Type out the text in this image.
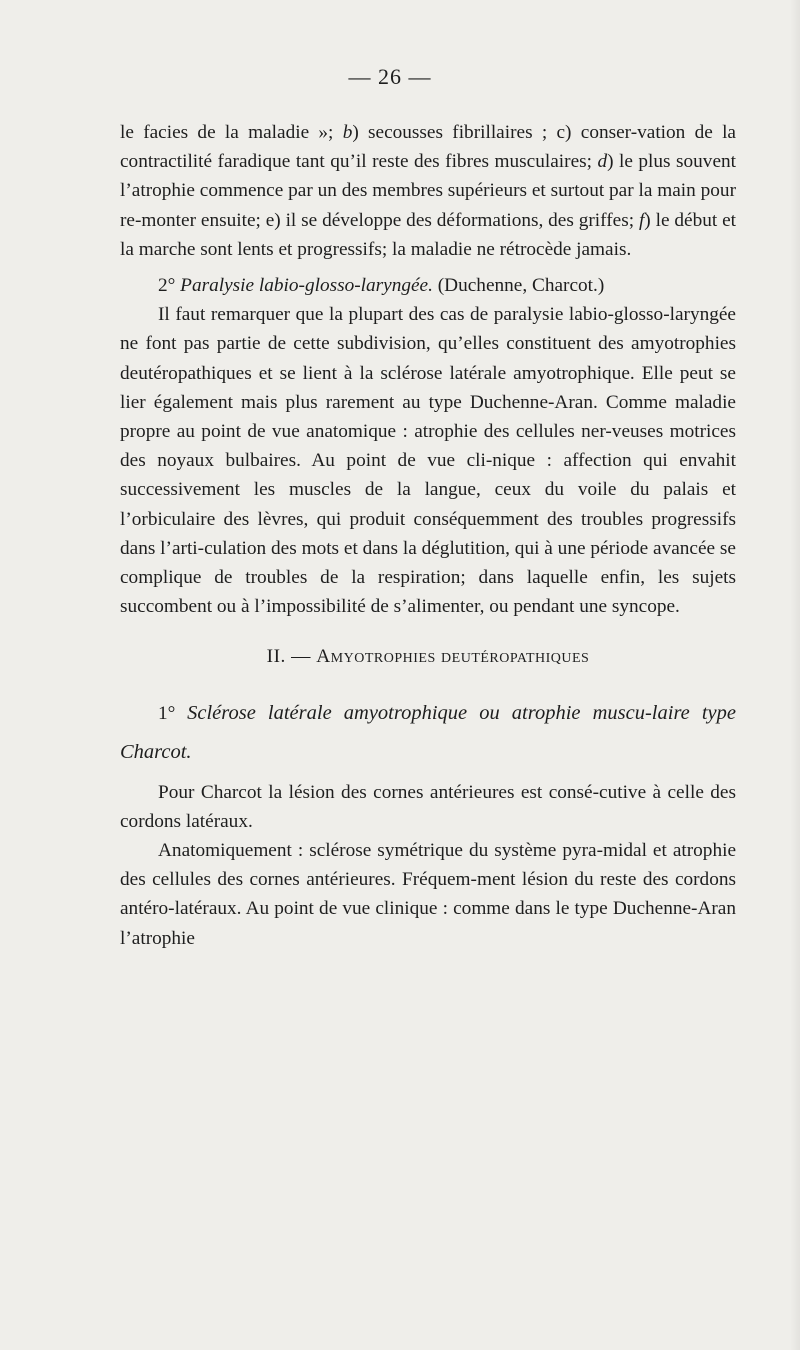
— 26 —

le facies de la maladie »; b) secousses fibrillaires ; c) conser-vation de la contractilité faradique tant qu’il reste des fibres musculaires; d) le plus souvent l’atrophie commence par un des membres supérieurs et surtout par la main pour re-monter ensuite; e) il se développe des déformations, des griffes; f) le début et la marche sont lents et progressifs; la maladie ne rétrocède jamais.

2° Paralysie labio-glosso-laryngée. (Duchenne, Charcot.)

Il faut remarquer que la plupart des cas de paralysie labio-glosso-laryngée ne font pas partie de cette subdivision, qu’elles constituent des amyotrophies deutéropathiques et se lient à la sclérose latérale amyotrophique. Elle peut se lier également mais plus rarement au type Duchenne-Aran. Comme maladie propre au point de vue anatomique : atrophie des cellules ner-veuses motrices des noyaux bulbaires. Au point de vue cli-nique : affection qui envahit successivement les muscles de la langue, ceux du voile du palais et l’orbiculaire des lèvres, qui produit conséquemment des troubles progressifs dans l’arti-culation des mots et dans la déglutition, qui à une période avancée se complique de troubles de la respiration; dans laquelle enfin, les sujets succombent ou à l’impossibilité de s’alimenter, ou pendant une syncope.

II. — Amyotrophies deutéropathiques

1° Sclérose latérale amyotrophique ou atrophie muscu-laire type Charcot.

Pour Charcot la lésion des cornes antérieures est consé-cutive à celle des cordons latéraux.

Anatomiquement : sclérose symétrique du système pyra-midal et atrophie des cellules des cornes antérieures. Fréquem-ment lésion du reste des cordons antéro-latéraux. Au point de vue clinique : comme dans le type Duchenne-Aran l’atrophie
